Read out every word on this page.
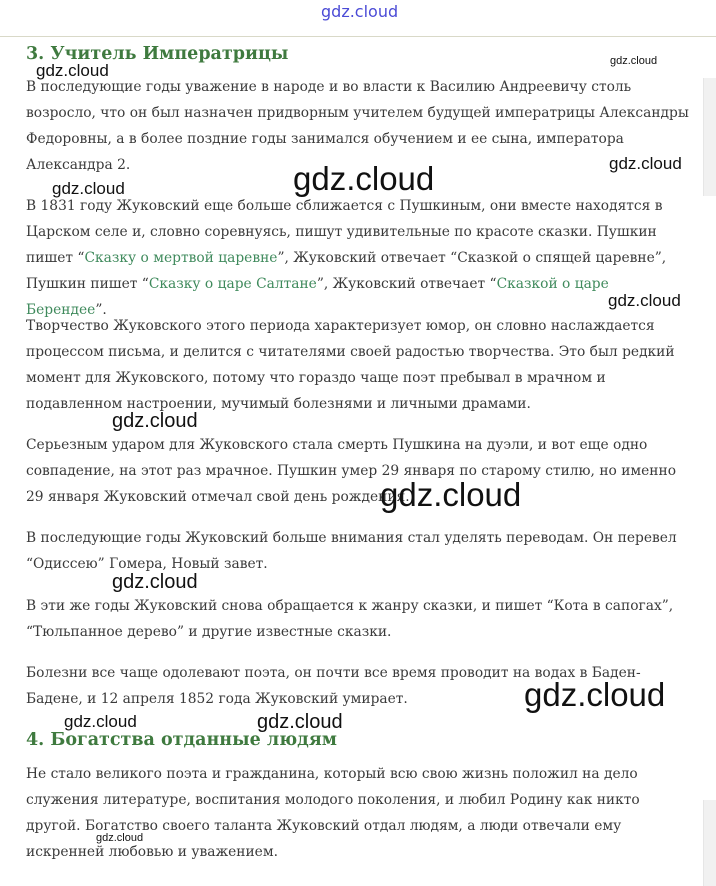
gdz.cloud
3. Учитель Императрицы

В последующие годы уважение в народе и во власти к Василию Андреевичу столь возросло, что он был назначен придворным учителем будущей императрицы Александры Федоровны, а в более поздние годы занимался обучением и ее сына, императора Александра 2.

В 1831 году Жуковский еще больше сближается с Пушкиным, они вместе находятся в Царском селе и, словно соревнуясь, пишут удивительные по красоте сказки. Пушкин пишет “Сказку о мертвой царевне”, Жуковский отвечает “Сказкой о спящей царевне”, Пушкин пишет “Сказку о царе Салтане”, Жуковский отвечает “Сказкой о царе Берендее”.

Творчество Жуковского этого периода характеризует юмор, он словно наслаждается процессом письма, и делится с читателями своей радостью творчества. Это был редкий момент для Жуковского, потому что гораздо чаще поэт пребывал в мрачном и подавленном настроении, мучимый болезнями и личными драмами.

Серьезным ударом для Жуковского стала смерть Пушкина на дуэли, и вот еще одно совпадение, на этот раз мрачное. Пушкин умер 29 января по старому стилю, но именно 29 января Жуковский отмечал свой день рождения.

В последующие годы Жуковский больше внимания стал уделять переводам. Он перевел “Одиссею” Гомера, Новый завет.

В эти же годы Жуковский снова обращается к жанру сказки, и пишет “Кота в сапогах”, “Тюльпанное дерево” и другие известные сказки.

Болезни все чаще одолевают поэта, он почти все время проводит на водах в Баден-Бадене, и 12 апреля 1852 года Жуковский умирает.

4. Богатства отданные людям

Не стало великого поэта и гражданина, который всю свою жизнь положил на дело служения литературе, воспитания молодого поколения, и любил Родину как никто другой. Богатство своего таланта Жуковский отдал людям, а люди отвечали ему искренней любовью и уважением.

gdz.cloud
gdz.cloud
gdz.cloud
gdz.cloud
gdz.cloud
gdz.cloud
gdz.cloud
gdz.cloud
gdz.cloud
gdz.cloud
gdz.cloud	gdz.cloud
gdz.cloud
